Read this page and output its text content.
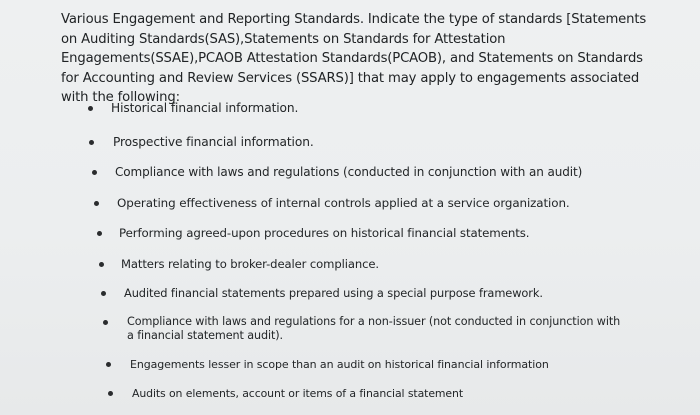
Various Engagement and Reporting Standards. Indicate the type of standards [Statements on Auditing Standards(SAS),Statements on Standards for Attestation Engagements(SSAE),PCAOB Attestation Standards(PCAOB), and Statements on Standards for Accounting and Review Services (SSARS)] that may apply to engagements associated with the following:

Historical financial information.
Prospective financial information.
Compliance with laws and regulations (conducted in conjunction with an audit)
Operating effectiveness of internal controls applied at a service organization.
Performing agreed-upon procedures on historical financial statements.
Matters relating to broker-dealer compliance.
Audited financial statements prepared using a special purpose framework.
Compliance with laws and regulations for a non-issuer (not conducted in conjunction with a financial statement audit).
Engagements lesser in scope than an audit on historical financial information
Audits on elements, account or items of a financial statement
